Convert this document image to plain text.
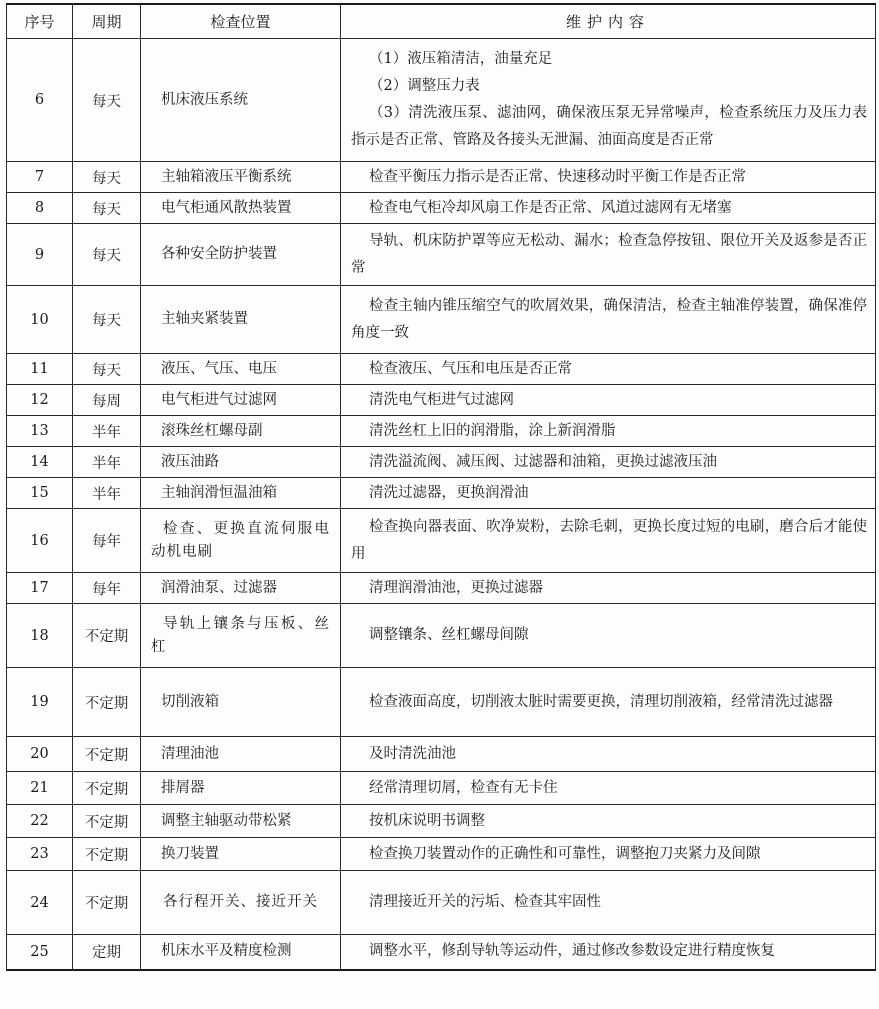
序号	周期	检查位置	维护内容
6	每天	机床液压系统	（1）液压箱清洁，油量充足
（2）调整压力表
（3）清洗液压泵、滤油网，确保液压泵无异常噪声，检查系统压力及压力表指示是否正常、管路及各接头无泄漏、油面高度是否正常

7	每天	主轴箱液压平衡系统	检查平衡压力指示是否正常、快速移动时平衡工作是否正常

8	每天	电气柜通风散热装置	检查电气柜冷却风扇工作是否正常、风道过滤网有无堵塞

9	每天	各种安全防护装置	导轨、机床防护罩等应无松动、漏水；检查急停按钮、限位开关及返参是否正常

10	每天	主轴夹紧装置	检查主轴内锥压缩空气的吹屑效果，确保清洁，检查主轴准停装置，确保准停角度一致

11	每天	液压、气压、电压	检查液压、气压和电压是否正常

12	每周	电气柜进气过滤网	清洗电气柜进气过滤网

13	半年	滚珠丝杠螺母副	清洗丝杠上旧的润滑脂，涂上新润滑脂

14	半年	液压油路	清洗溢流阀、减压阀、过滤器和油箱，更换过滤液压油

15	半年	主轴润滑恒温油箱	清洗过滤器，更换润滑油

16	每年	检查、更换直流伺服电动机电刷	检查换向器表面、吹净炭粉，去除毛刺，更换长度过短的电刷，磨合后才能使用

17	每年	润滑油泵、过滤器	清理润滑油池，更换过滤器

18	不定期	导轨上镶条与压板、丝杠	调整镶条、丝杠螺母间隙

19	不定期	切削液箱	检查液面高度，切削液太脏时需要更换，清理切削液箱，经常清洗过滤器

20	不定期	清理油池	及时清洗油池

21	不定期	排屑器	经常清理切屑，检查有无卡住

22	不定期	调整主轴驱动带松紧	按机床说明书调整

23	不定期	换刀装置	检查换刀装置动作的正确性和可靠性，调整抱刀夹紧力及间隙

24	不定期	各行程开关、接近开关	清理接近开关的污垢、检查其牢固性

25	定期	机床水平及精度检测	调整水平，修刮导轨等运动件，通过修改参数设定进行精度恢复
